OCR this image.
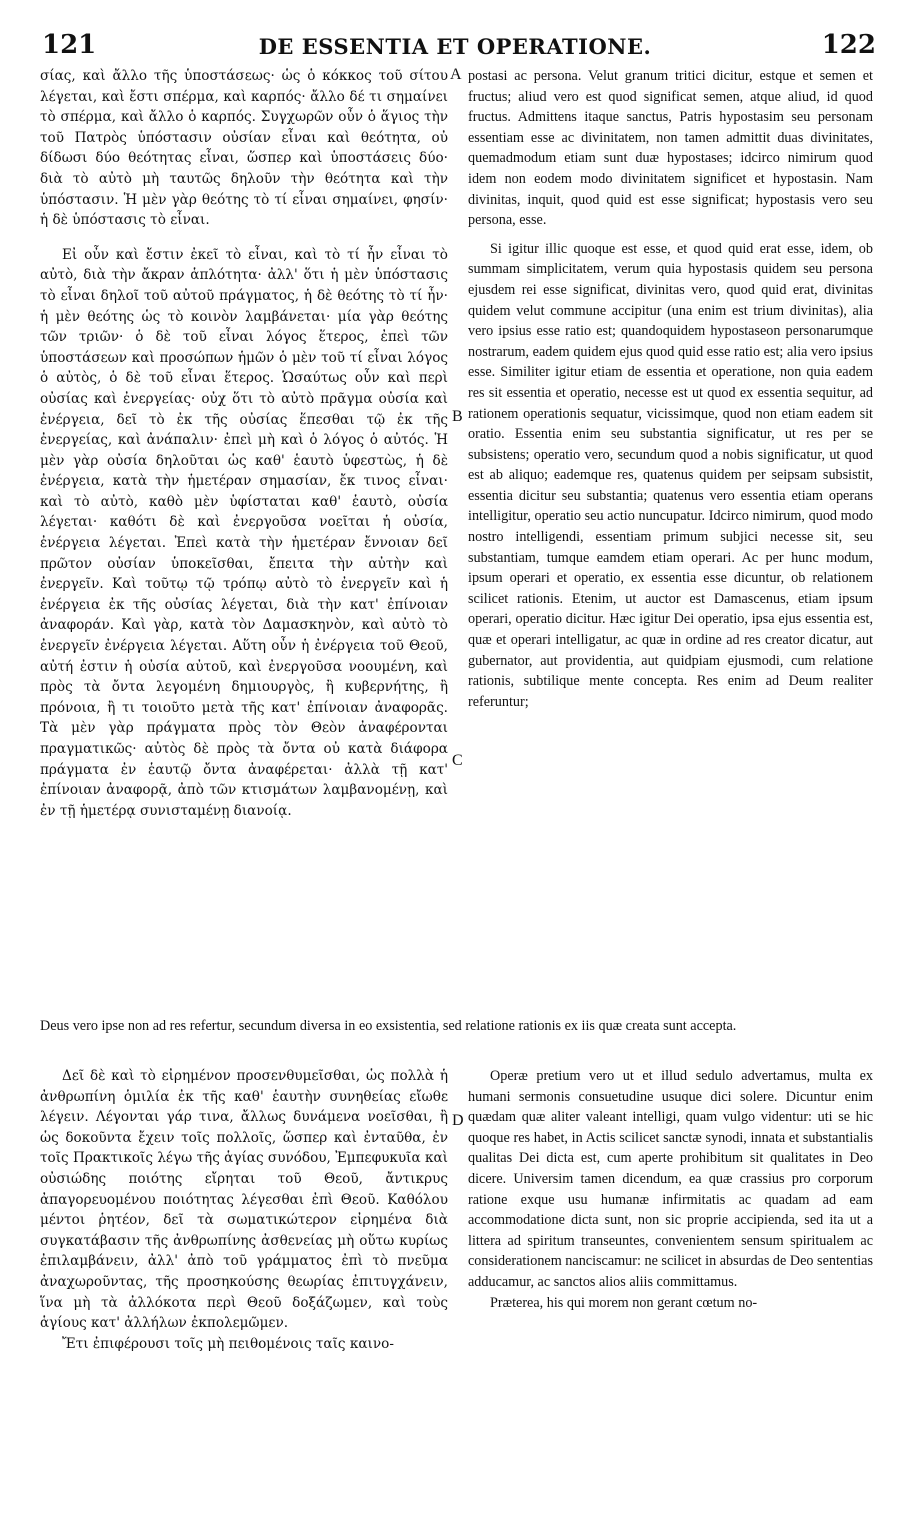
121	DE ESSENTIA ET OPERATIONE.	122
A
B
C
D

σίας, καὶ ἄλλο τῆς ὑποστάσεως· ὡς ὁ κόκκος τοῦ σίτου λέγεται, καὶ ἔστι σπέρμα, καὶ καρπός· ἄλλο δέ τι σημαίνει τὸ σπέρμα, καὶ ἄλλο ὁ καρπός. Συγχωρῶν οὖν ὁ ἅγιος τὴν τοῦ Πατρὸς ὑπόστασιν οὐσίαν εἶναι καὶ θεότητα, οὐ δίδωσι δύο θεότητας εἶναι, ὥσπερ καὶ ὑποστάσεις δύο· διὰ τὸ αὐτὸ μὴ ταυτῶς δηλοῦν τὴν θεότητα καὶ τὴν ὑπόστασιν. Ἡ μὲν γὰρ θεότης τὸ τί εἶναι σημαίνει, φησίν· ἡ δὲ ὑπόστασις τὸ εἶναι.

Εἰ οὖν καὶ ἔστιν ἐκεῖ τὸ εἶναι, καὶ τὸ τί ἦν εἶναι τὸ αὐτὸ, διὰ τὴν ἄκραν ἁπλότητα· ἀλλ' ὅτι ἡ μὲν ὑπόστασις τὸ εἶναι δηλοῖ τοῦ αὐτοῦ πράγματος, ἡ δὲ θεότης τὸ τί ἦν· ἡ μὲν θεότης ὡς τὸ κοινὸν λαμβάνεται· μία γὰρ θεότης τῶν τριῶν· ὁ δὲ τοῦ εἶναι λόγος ἕτερος, ἐπεὶ τῶν ὑποστάσεων καὶ προσώπων ἡμῶν ὁ μὲν τοῦ τί εἶναι λόγος ὁ αὐτὸς, ὁ δὲ τοῦ εἶναι ἕτερος. Ὡσαύτως οὖν καὶ περὶ οὐσίας καὶ ἐνεργείας· οὐχ ὅτι τὸ αὐτὸ πρᾶγμα οὐσία καὶ ἐνέργεια, δεῖ τὸ ἐκ τῆς οὐσίας ἕπεσθαι τῷ ἐκ τῆς ἐνεργείας, καὶ ἀνάπαλιν· ἐπεὶ μὴ καὶ ὁ λόγος ὁ αὐτός. Ἡ μὲν γὰρ οὐσία δηλοῦται ὡς καθ' ἑαυτὸ ὑφεστὼς, ἡ δὲ ἐνέργεια, κατὰ τὴν ἡμετέραν σημασίαν, ἔκ τινος εἶναι· καὶ τὸ αὐτὸ, καθὸ μὲν ὑφίσταται καθ' ἑαυτὸ, οὐσία λέγεται· καθότι δὲ καὶ ἐνεργοῦσα νοεῖται ἡ οὐσία, ἐνέργεια λέγεται. Ἐπεὶ κατὰ τὴν ἡμετέραν ἔννοιαν δεῖ πρῶτον οὐσίαν ὑποκεῖσθαι, ἔπειτα τὴν αὐτὴν καὶ ἐνεργεῖν. Καὶ τοῦτῳ τῷ τρόπῳ αὐτὸ τὸ ἐνεργεῖν καὶ ἡ ἐνέργεια ἐκ τῆς οὐσίας λέγεται, διὰ τὴν κατ' ἐπίνοιαν ἀναφοράν. Καὶ γὰρ, κατὰ τὸν Δαμασκηνὸν, καὶ αὐτὸ τὸ ἐνεργεῖν ἐνέργεια λέγεται. Αὕτη οὖν ἡ ἐνέργεια τοῦ Θεοῦ, αὐτή ἐστιν ἡ οὐσία αὐτοῦ, καὶ ἐνεργοῦσα νοουμένη, καὶ πρὸς τὰ ὄντα λεγομένη δημιουργὸς, ἢ κυβερνήτης, ἢ πρόνοια, ἢ τι τοιοῦτο μετὰ τῆς κατ' ἐπίνοιαν ἀναφορᾶς. Τὰ μὲν γὰρ πράγματα πρὸς τὸν Θεὸν ἀναφέρονται πραγματικῶς· αὐτὸς δὲ πρὸς τὰ ὄντα οὐ κατὰ διάφορα πράγματα ἐν ἑαυτῷ ὄντα ἀναφέρεται· ἀλλὰ τῇ κατ' ἐπίνοιαν ἀναφορᾷ, ἀπὸ τῶν κτισμάτων λαμβανομένῃ, καὶ ἐν τῇ ἡμετέρᾳ συνισταμένῃ διανοίᾳ.

postasi ac persona. Velut granum tritici dicitur, estque et semen et fructus; aliud vero est quod significat semen, atque aliud, id quod fructus. Admittens itaque sanctus, Patris hypostasim seu personam essentiam esse ac divinitatem, non tamen admittit duas divinitates, quemadmodum etiam sunt duæ hypostases; idcirco nimirum quod idem non eodem modo divinitatem significet et hypostasin. Nam divinitas, inquit, quod quid est esse significat; hypostasis vero seu persona, esse.

Si igitur illic quoque est esse, et quod quid erat esse, idem, ob summam simplicitatem, verum quia hypostasis quidem seu persona ejusdem rei esse significat, divinitas vero, quod quid erat, divinitas quidem velut commune accipitur (una enim est trium divinitas), alia vero ipsius esse ratio est; quandoquidem hypostaseon personarumque nostrarum, eadem quidem ejus quod quid esse ratio est; alia vero ipsius esse. Similiter igitur etiam de essentia et operatione, non quia eadem res sit essentia et operatio, necesse est ut quod ex essentia sequitur, ad rationem operationis sequatur, vicissimque, quod non etiam eadem sit oratio. Essentia enim seu substantia significatur, ut res per se subsistens; operatio vero, secundum quod a nobis significatur, ut quod est ab aliquo; eademque res, quatenus quidem per seipsam subsistit, essentia dicitur seu substantia; quatenus vero essentia etiam operans intelligitur, operatio seu actio nuncupatur. Idcirco nimirum, quod modo nostro intelligendi, essentiam primum subjici necesse sit, seu substantiam, tumque eamdem etiam operari. Ac per hunc modum, ipsum operari et operatio, ex essentia esse dicuntur, ob relationem scilicet rationis. Etenim, ut auctor est Damascenus, etiam ipsum operari, operatio dicitur. Hæc igitur Dei operatio, ipsa ejus essentia est, quæ et operari intelligatur, ac quæ in ordine ad res creator dicatur, aut gubernator, aut providentia, aut quidpiam ejusmodi, cum relatione rationis, subtilique mente concepta. Res enim ad Deum realiter referuntur;

Deus vero ipse non ad res refertur, secundum diversa in eo exsistentia, sed relatione rationis ex iis quæ creata sunt accepta.

Δεῖ δὲ καὶ τὸ εἰρημένον προσενθυμεῖσθαι, ὡς πολλὰ ἡ ἀνθρωπίνη ὁμιλία ἐκ τῆς καθ' ἑαυτὴν συνηθείας εἴωθε λέγειν. Λέγονται γάρ τινα, ἄλλως δυνάμενα νοεῖσθαι, ἢ ὡς δοκοῦντα ἔχειν τοῖς πολλοῖς, ὥσπερ καὶ ἐνταῦθα, ἐν τοῖς Πρακτικοῖς λέγω τῆς ἁγίας συνόδου, Ἐμπεφυκυῖα καὶ οὐσιώδης ποιότης εἴρηται τοῦ Θεοῦ, ἄντικρυς ἀπαγορευομένου ποιότητας λέγεσθαι ἐπὶ Θεοῦ. Καθόλου μέντοι ῥητέον, δεῖ τὰ σωματικώτερον εἰρημένα διὰ συγκατάβασιν τῆς ἀνθρωπίνης ἀσθενείας μὴ οὕτω κυρίως ἐπιλαμβάνειν, ἀλλ' ἀπὸ τοῦ γράμματος ἐπὶ τὸ πνεῦμα ἀναχωροῦντας, τῆς προσηκούσης θεωρίας ἐπιτυγχάνειν, ἵνα μὴ τὰ ἀλλόκοτα περὶ Θεοῦ δοξάζωμεν, καὶ τοὺς ἁγίους κατ' ἀλλήλων ἐκπολεμῶμεν.

Ἔτι ἐπιφέρουσι τοῖς μὴ πειθομένοις ταῖς καινο-

Operæ pretium vero ut et illud sedulo advertamus, multa ex humani sermonis consuetudine usuque dici solere. Dicuntur enim quædam quæ aliter valeant intelligi, quam vulgo videntur: uti se hic quoque res habet, in Actis scilicet sanctæ synodi, innata et substantialis qualitas Dei dicta est, cum aperte prohibitum sit qualitates in Deo dicere. Universim tamen dicendum, ea quæ crassius pro corporum ratione exque usu humanæ infirmitatis ac quadam ad eam accommodatione dicta sunt, non sic proprie accipienda, sed ita ut a littera ad spiritum transeuntes, convenientem sensum spiritualem ac considerationem nanciscamur: ne scilicet in absurdas de Deo sententias adducamur, ac sanctos alios aliis committamus.

Præterea, his qui morem non gerant cœtum no-
